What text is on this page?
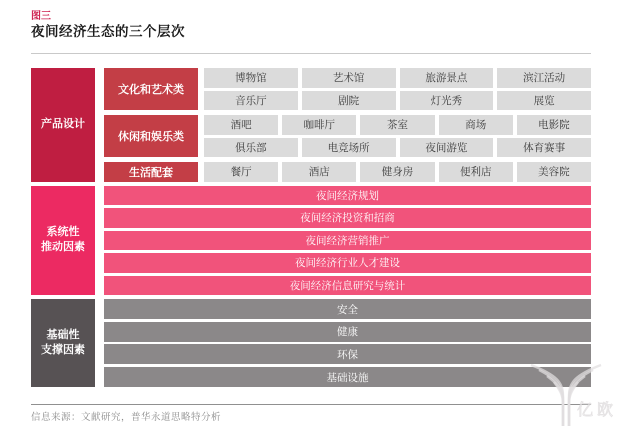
图三
夜间经济生态的三个层次
产品设计
文化和艺术类
博物馆	艺术馆	旅游景点	滨江活动
音乐厅	剧院	灯光秀	展览
休闲和娱乐类
酒吧	咖啡厅	茶室	商场	电影院
俱乐部	电竞场所	夜间游览	体育赛事
生活配套	餐厅	酒店	健身房	便利店	美容院
系统性
推动因素
夜间经济规划
夜间经济投资和招商
夜间经济营销推广
夜间经济行业人才建设
夜间经济信息研究与统计
基础性
支撑因素
安全
健康
环保
基础设施
信息来源：文献研究，普华永道思略特分析	亿欧
